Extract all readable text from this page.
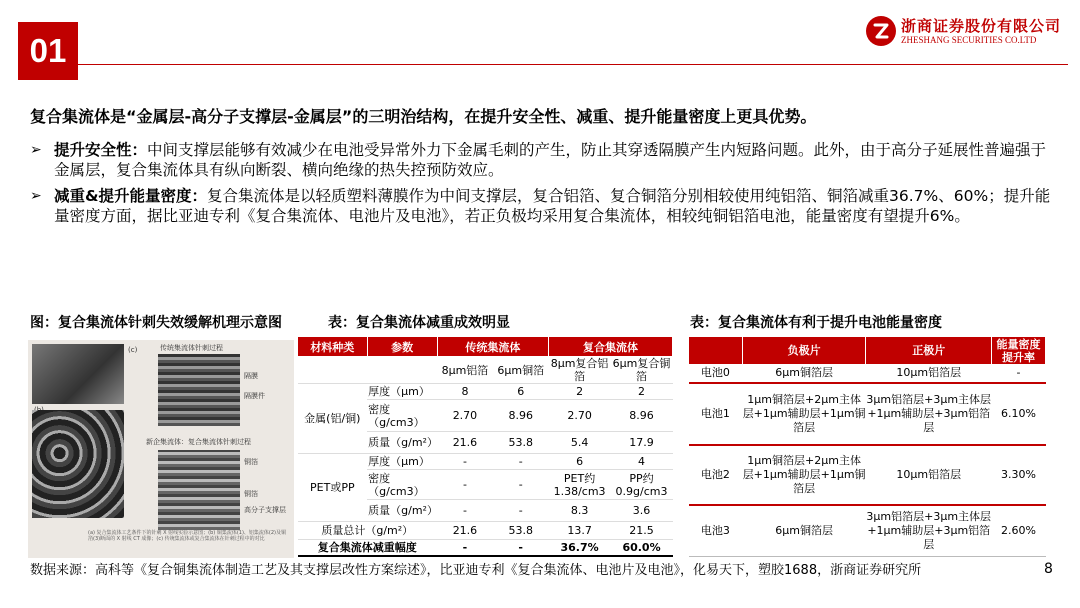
01
浙商证券股份有限公司
ZHESHANG SECURITIES CO.LTD
复合集流体是“金属层-高分子支撑层-金属层”的三明治结构，在提升安全性、减重、提升能量密度上更具优势。
➢ 提升安全性：中间支撑层能够有效减少在电池受异常外力下金属毛刺的产生，防止其穿透隔膜产生内短路问题。此外，由于高分子延展性普遍强于金属层，复合集流体具有纵向断裂、横向绝缘的热失控预防效应。
➢ 减重&提升能量密度：复合集流体是以轻质塑料薄膜作为中间支撑层，复合铝箔、复合铜箔分别相较使用纯铝箔、铜箔减重36.7%、60%；提升能量密度方面，据比亚迪专利《复合集流体、电池片及电池》，若正负极均采用复合集流体，相较纯铜铝箔电池，能量密度有望提升6%。
图：复合集流体针刺失效缓解机理示意图	表：复合集流体减重成效明显	表：复合集流体有利于提升电池能量密度
(c)	传统集流体针刺过程
隔膜
隔膜件
新企集流体：复合集流体针刺过程
铜箔
铜箔
高分子支撑层
(a) 复合集流体工艺条件下的针刺 X 射线实验示意图；(b) 铜集流体(1)、铝集流体(2)及铜箔(3)断面的 X 射线 CT 成像；(c) 传统集流体或复合集流体在针刺过程中的对比
材料种类	参数	传统集流体		复合集流体	
		8μm铝箔	6μm铜箔	8μm复合铝箔	6μm复合铜箔
金属(铝/铜)	厚度（μm）	8	6	2	2
	密度（g/cm3）	2.70	8.96	2.70	8.96
	质量（g/m²）	21.6	53.8	5.4	17.9
PET或PP	厚度（μm）	-	-	6	4
	密度（g/cm3）	-	-	PET约1.38/cm3	PP约0.9g/cm3
	质量（g/m²）	-	-	8.3	3.6
质量总计（g/m²）		21.6	53.8	13.7	21.5
复合集流体减重幅度		-	-	36.7%	60.0%
	负极片	正极片	能量密度提升率
电池0	6μm铜箔层	10μm铝箔层	-
电池1	1μm铜箔层+2μm主体层+1μm辅助层+1μm铜箔层	3μm铝箔层+3μm主体层+1μm辅助层+3μm铝箔层	6.10%
电池2	1μm铜箔层+2μm主体层+1μm辅助层+1μm铜箔层	10μm铝箔层	3.30%
电池3	6μm铜箔层	3μm铝箔层+3μm主体层+1μm辅助层+3μm铝箔层	2.60%
数据来源：高科等《复合铜集流体制造工艺及其支撑层改性方案综述》，比亚迪专利《复合集流体、电池片及电池》，化易天下，塑胶1688，浙商证券研究所	8
